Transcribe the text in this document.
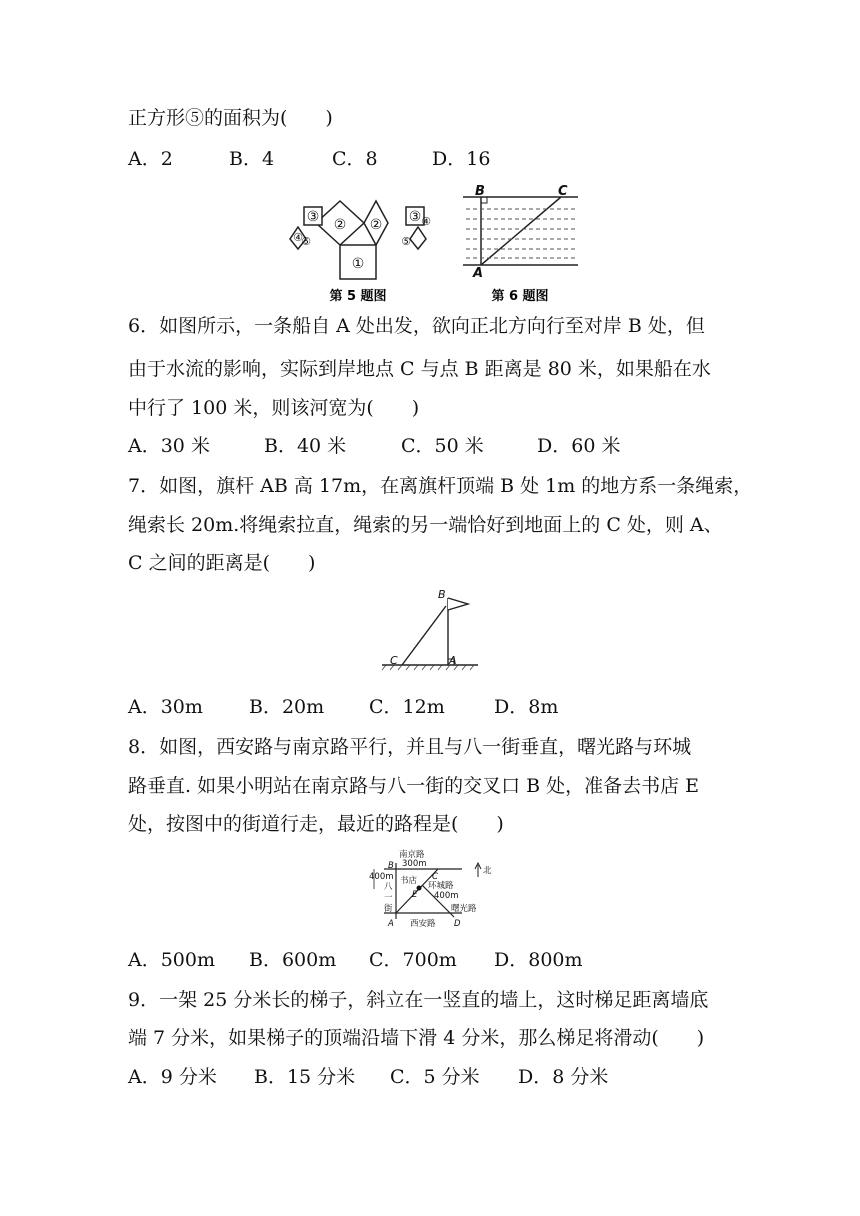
正方形⑤的面积为(　　)
A．2	B．4	C．8	D．16
①
② ②
③	③
④
④
⑤	⑤
第 5 题图
B	C
A
第 6 题图
6．如图所示，一条船自 A 处出发，欲向正北方向行至对岸 B 处，但
由于水流的影响，实际到岸地点 C 与点 B 距离是 80 米，如果船在水
中行了 100 米，则该河宽为(　　)
A．30 米	B．40 米	C．50 米	D．60 米
7．如图，旗杆 AB 高 17m，在离旗杆顶端 B 处 1m 的地方系一条绳索，
绳索长 20m.将绳索拉直，绳索的另一端恰好到地面上的 C 处，则 A、
C 之间的距离是(　　)
B
C	A
A．30m B．20m C．12m	D．8m
8．如图，西安路与南京路平行，并且与八一街垂直，曙光路与环城
路垂直. 如果小明站在南京路与八一街的交叉口 B 处，准备去书店 E
处，按图中的街道行走，最近的路程是(　　)
南京路
300m
北
400m
八
一
街
书店 环城路
400m
曙光路
西安路
B
C
E
A	D
A．500m B．600m C．700m D．800m
9．一架 25 分米长的梯子，斜立在一竖直的墙上，这时梯足距离墙底
端 7 分米，如果梯子的顶端沿墙下滑 4 分米，那么梯足将滑动(　　)
A．9 分米 B．15 分米 C．5 分米 D．8 分米
